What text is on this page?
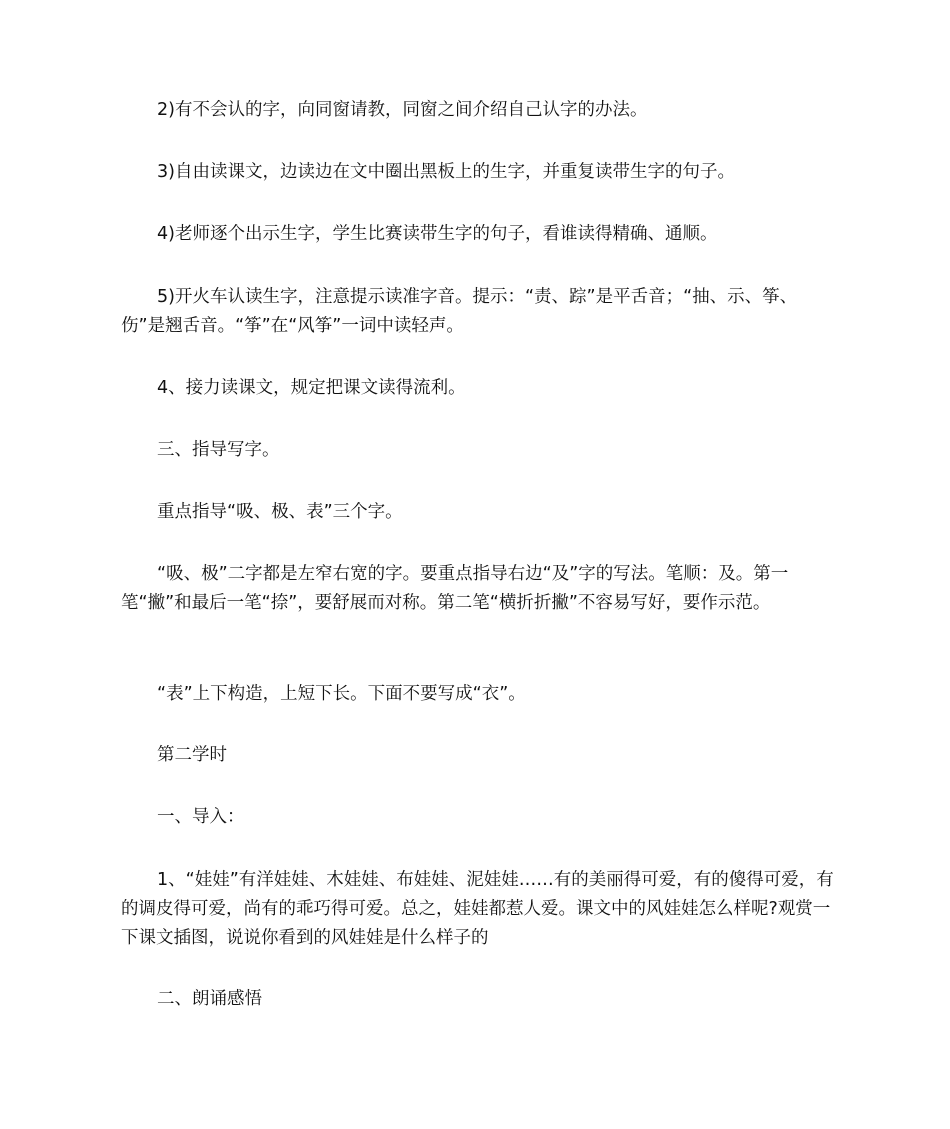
2)有不会认的字，向同窗请教，同窗之间介绍自己认字的办法。

3)自由读课文，边读边在文中圈出黑板上的生字，并重复读带生字的句子。

4)老师逐个出示生字，学生比赛读带生字的句子，看谁读得精确、通顺。

5)开火车认读生字，注意提示读准字音。提示：“责、踪”是平舌音；“抽、示、筝、伤”是翘舌音。“筝”在“风筝”一词中读轻声。

4、接力读课文，规定把课文读得流利。

三、指导写字。

重点指导“吸、极、表”三个字。

“吸、极”二字都是左窄右宽的字。要重点指导右边“及”字的写法。笔顺：及。第一笔“撇”和最后一笔“捺”，要舒展而对称。第二笔“横折折撇”不容易写好，要作示范。

“表”上下构造，上短下长。下面不要写成“衣”。

第二学时

一、导入：

1、“娃娃”有洋娃娃、木娃娃、布娃娃、泥娃娃……有的美丽得可爱，有的傻得可爱，有的调皮得可爱，尚有的乖巧得可爱。总之，娃娃都惹人爱。课文中的风娃娃怎么样呢?观赏一下课文插图，说说你看到的风娃娃是什么样子的

二、朗诵感悟
